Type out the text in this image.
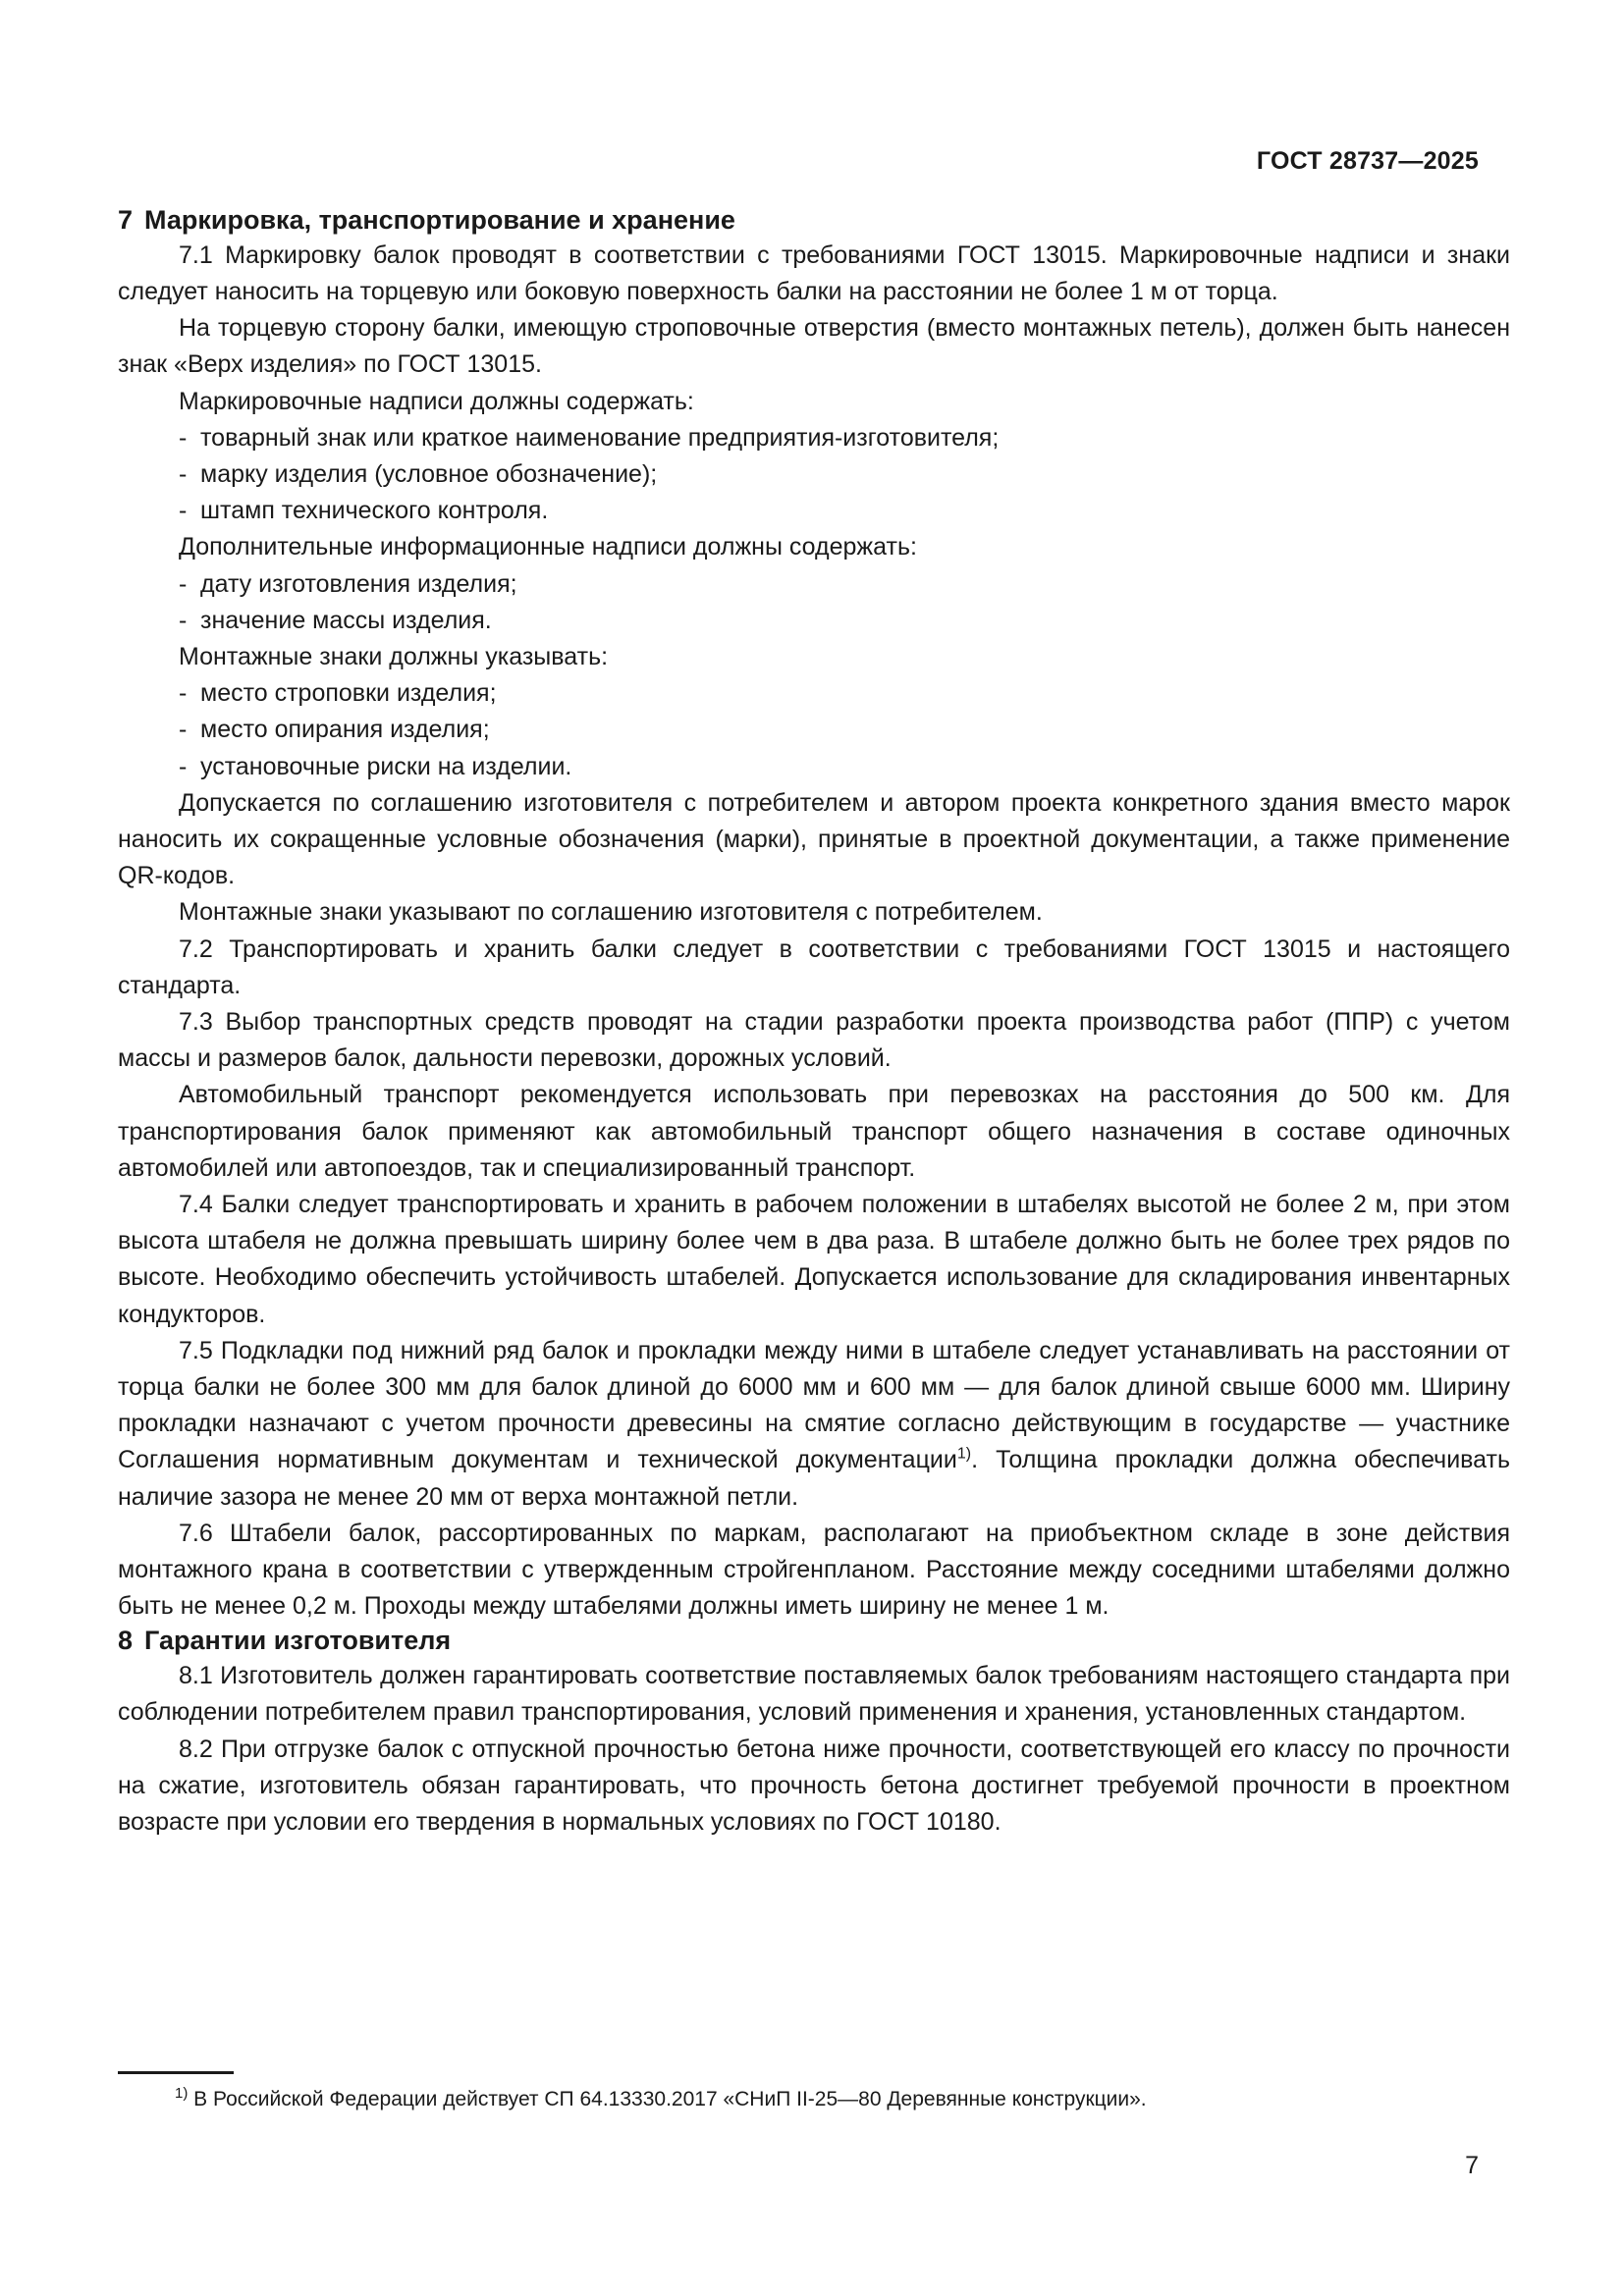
ГОСТ 28737—2025
7 Маркировка, транспортирование и хранение

7.1 Маркировку балок проводят в соответствии с требованиями ГОСТ 13015. Маркировочные надписи и знаки следует наносить на торцевую или боковую поверхность балки на расстоянии не более 1 м от торца.

На торцевую сторону балки, имеющую строповочные отверстия (вместо монтажных петель), должен быть нанесен знак «Верх изделия» по ГОСТ 13015.

Маркировочные надписи должны содержать:

- товарный знак или краткое наименование предприятия-изготовителя;

- марку изделия (условное обозначение);

- штамп технического контроля.

Дополнительные информационные надписи должны содержать:

- дату изготовления изделия;

- значение массы изделия.

Монтажные знаки должны указывать:

- место строповки изделия;

- место опирания изделия;

- установочные риски на изделии.

Допускается по соглашению изготовителя с потребителем и автором проекта конкретного здания вместо марок наносить их сокращенные условные обозначения (марки), принятые в проектной документации, а также применение QR-кодов.

Монтажные знаки указывают по соглашению изготовителя с потребителем.

7.2 Транспортировать и хранить балки следует в соответствии с требованиями ГОСТ 13015 и настоящего стандарта.

7.3 Выбор транспортных средств проводят на стадии разработки проекта производства работ (ППР) с учетом массы и размеров балок, дальности перевозки, дорожных условий.

Автомобильный транспорт рекомендуется использовать при перевозках на расстояния до 500 км. Для транспортирования балок применяют как автомобильный транспорт общего назначения в составе одиночных автомобилей или автопоездов, так и специализированный транспорт.

7.4 Балки следует транспортировать и хранить в рабочем положении в штабелях высотой не более 2 м, при этом высота штабеля не должна превышать ширину более чем в два раза. В штабеле должно быть не более трех рядов по высоте. Необходимо обеспечить устойчивость штабелей. Допускается использование для складирования инвентарных кондукторов.

7.5 Подкладки под нижний ряд балок и прокладки между ними в штабеле следует устанавливать на расстоянии от торца балки не более 300 мм для балок длиной до 6000 мм и 600 мм — для балок длиной свыше 6000 мм. Ширину прокладки назначают с учетом прочности древесины на смятие согласно действующим в государстве — участнике Соглашения нормативным документам и технической документации$^{1)}$. Толщина прокладки должна обеспечивать наличие зазора не менее 20 мм от верха монтажной петли.

7.6 Штабели балок, рассортированных по маркам, располагают на приобъектном складе в зоне действия монтажного крана в соответствии с утвержденным стройгенпланом. Расстояние между соседними штабелями должно быть не менее 0,2 м. Проходы между штабелями должны иметь ширину не менее 1 м.

8 Гарантии изготовителя

8.1 Изготовитель должен гарантировать соответствие поставляемых балок требованиям настоящего стандарта при соблюдении потребителем правил транспортирования, условий применения и хранения, установленных стандартом.

8.2 При отгрузке балок с отпускной прочностью бетона ниже прочности, соответствующей его классу по прочности на сжатие, изготовитель обязан гарантировать, что прочность бетона достигнет требуемой прочности в проектном возрасте при условии его твердения в нормальных условиях по ГОСТ 10180.

$^{1)}$ В Российской Федерации действует СП 64.13330.2017 «СНиП II-25—80 Деревянные конструкции».

7
